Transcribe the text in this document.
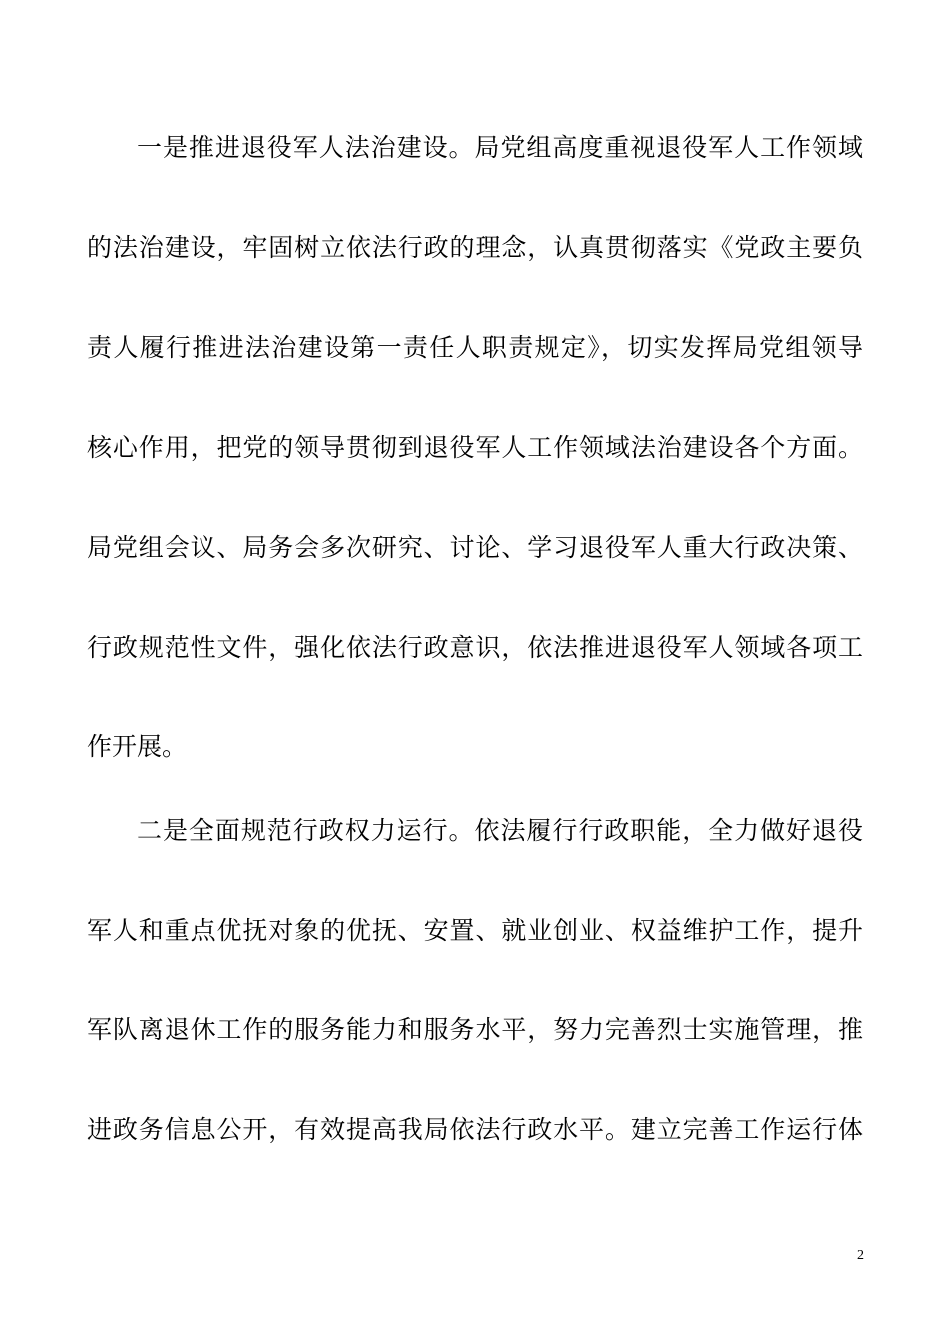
一是推进退役军人法治建设。局党组高度重视退役军人工作领域
的法治建设，牢固树立依法行政的理念，认真贯彻落实《党政主要负
责人履行推进法治建设第一责任人职责规定》，切实发挥局党组领导
核心作用，把党的领导贯彻到退役军人工作领域法治建设各个方面。
局党组会议、局务会多次研究、讨论、学习退役军人重大行政决策、
行政规范性文件，强化依法行政意识，依法推进退役军人领域各项工
作开展。
二是全面规范行政权力运行。依法履行行政职能，全力做好退役
军人和重点优抚对象的优抚、安置、就业创业、权益维护工作，提升
军队离退休工作的服务能力和服务水平，努力完善烈士实施管理，推
进政务信息公开，有效提高我局依法行政水平。建立完善工作运行体
2
